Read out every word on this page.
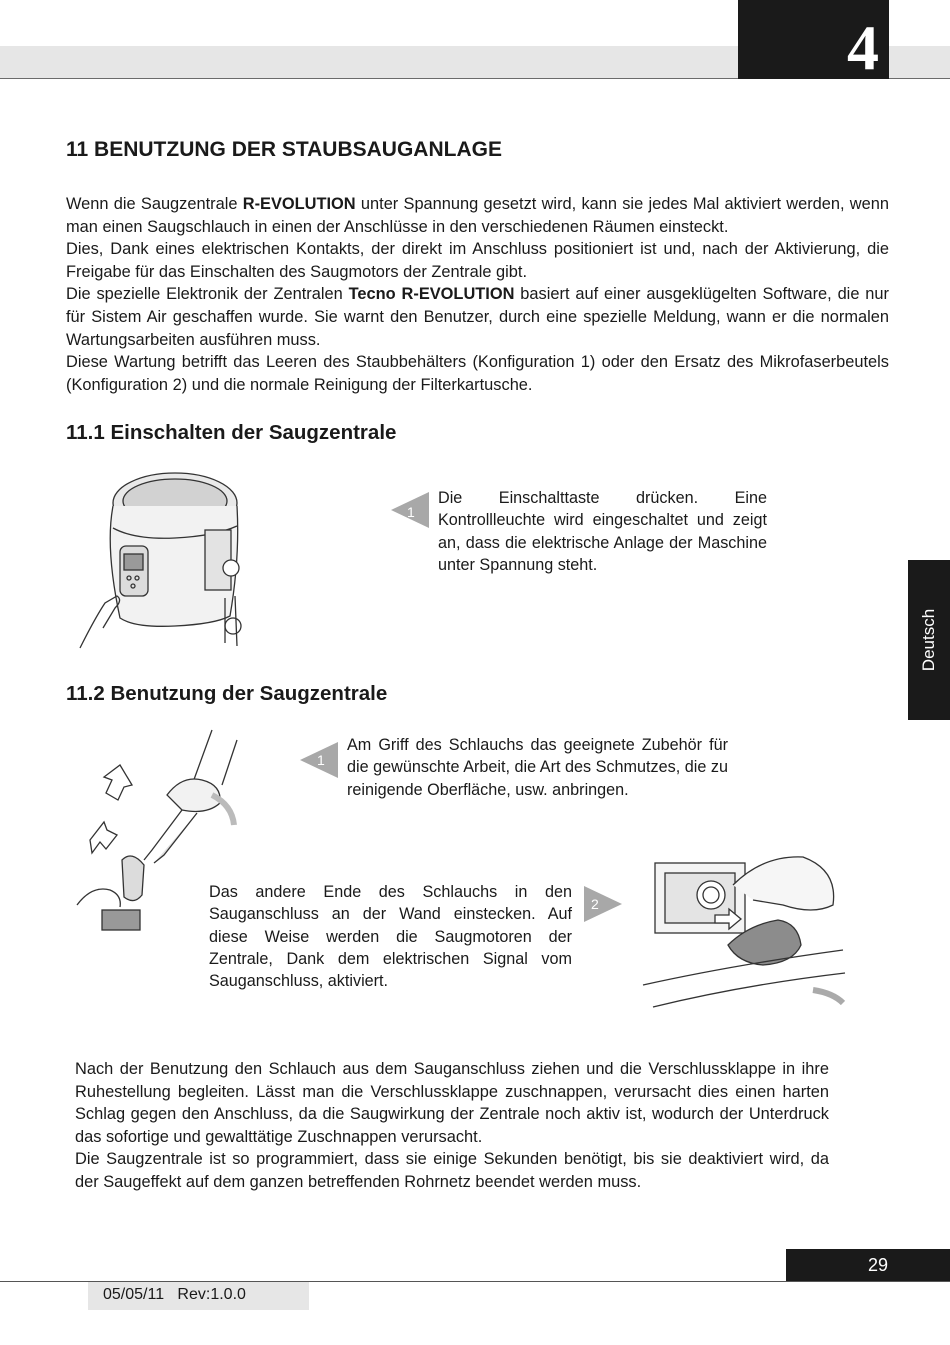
4
11 BENUTZUNG DER STAUBSAUGANLAGE

Wenn die Saugzentrale R-EVOLUTION unter Spannung gesetzt wird, kann sie jedes Mal aktiviert werden, wenn man einen Saugschlauch in einen der Anschlüsse in den verschiedenen Räumen einsteckt.

Dies, Dank eines elektrischen Kontakts, der direkt im Anschluss positioniert ist und, nach der Aktivierung, die Freigabe für das Einschalten des Saugmotors der Zentrale gibt.

Die spezielle Elektronik der Zentralen Tecno R-EVOLUTION basiert auf einer ausgeklügelten Software, die nur für Sistem Air geschaffen wurde. Sie warnt den Benutzer, durch eine spezielle Meldung, wann er die normalen Wartungsarbeiten ausführen muss.

Diese Wartung betrifft das Leeren des Staubbehälters (Konfiguration 1) oder den Ersatz des Mikrofaserbeutels (Konfiguration 2) und die normale Reinigung der Filterkartusche.

11.1 Einschalten der Saugzentrale
1
Die Einschalttaste drücken. Eine Kontrollleuchte wird eingeschaltet und zeigt an, dass die elektrische Anlage der Maschine unter Spannung steht.
Deutsch
11.2 Benutzung der Saugzentrale
1
Am Griff des Schlauchs das geeignete Zubehör für die gewünschte Arbeit, die Art des Schmutzes, die zu reinigende Oberfläche, usw. anbringen.
Das andere Ende des Schlauchs in den Sauganschluss an der Wand einstecken. Auf diese Weise werden die Saugmotoren der Zentrale, Dank dem elektrischen Signal vom Sauganschluss, aktiviert.
2

Nach der Benutzung den Schlauch aus dem Sauganschluss ziehen und die Verschlussklappe in ihre Ruhestellung begleiten. Lässt man die Verschlussklappe zuschnappen, verursacht dies einen harten Schlag gegen den Anschluss, da die Saugwirkung der Zentrale noch aktiv ist, wodurch der Unterdruck das sofortige und gewalttätige Zuschnappen verursacht.

Die Saugzentrale ist so programmiert, dass sie einige Sekunden benötigt, bis sie deaktiviert wird, da der Saugeffekt auf dem ganzen betreffenden Rohrnetz beendet werden muss.

29
05/05/11   Rev:1.0.0
